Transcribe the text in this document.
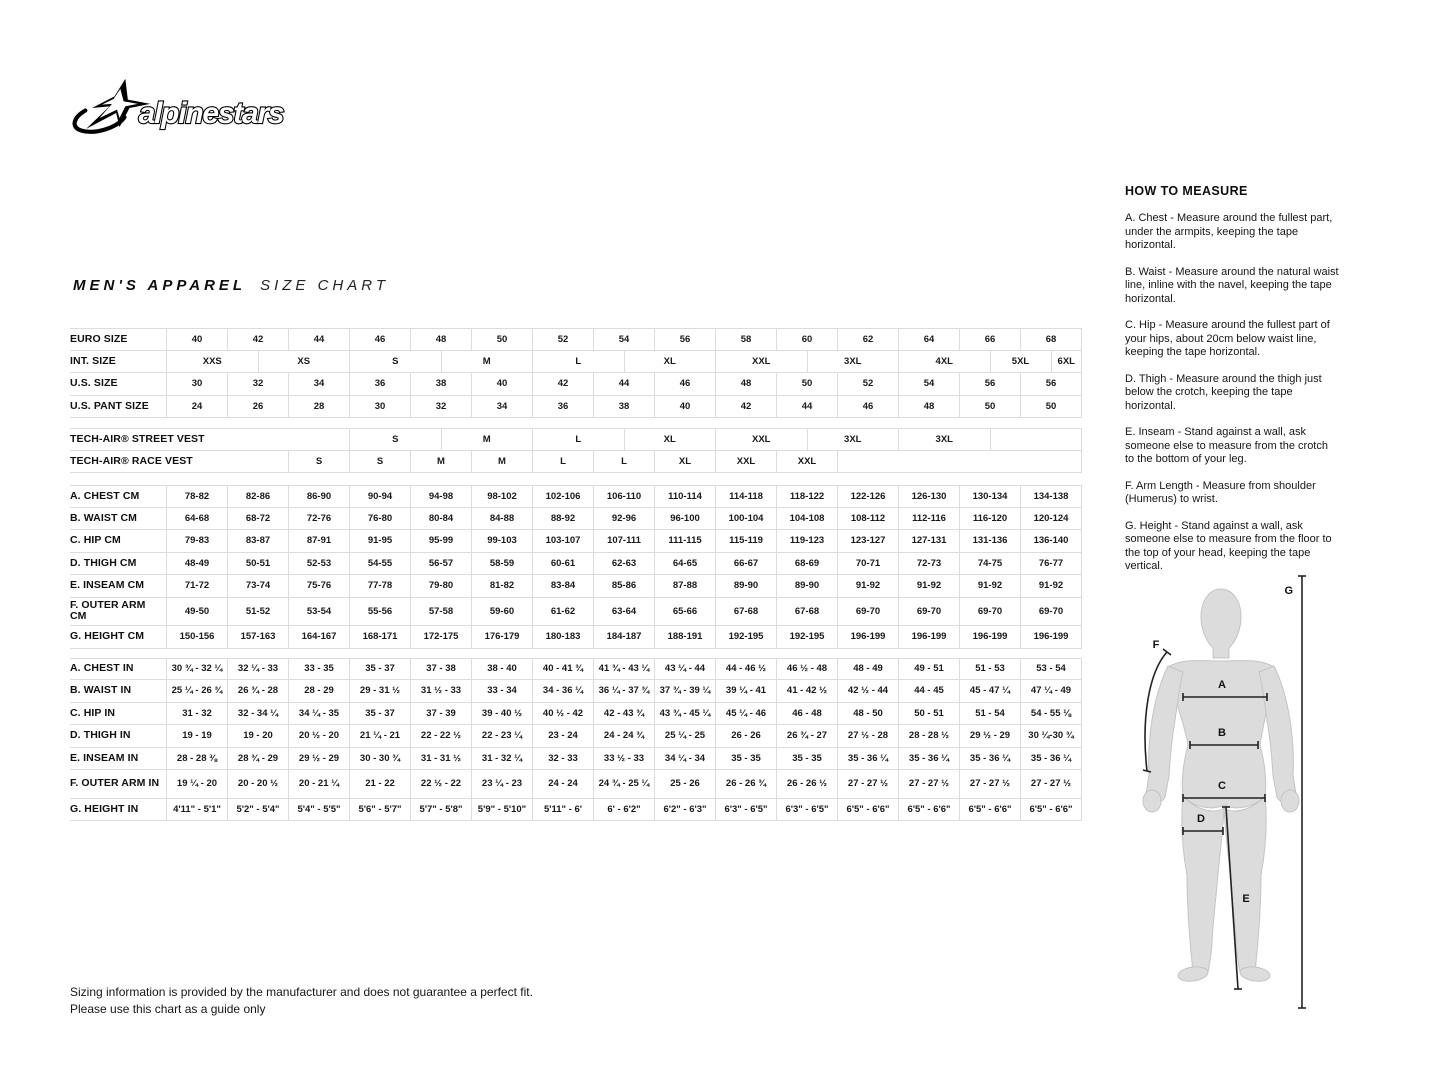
alpinestars
MEN'S APPAREL SIZE CHART
EURO SIZE	40	42	44	46	48	50	52	54	56	58	60	62	64	66	68
INT. SIZE	XXS	XS	S	M	L	XL	XXL	3XL	4XL	5XL	6XL
U.S. SIZE	30	32	34	36	38	40	42	44	46	48	50	52	54	56	56
U.S. PANT SIZE	24	26	28	30	32	34	36	38	40	42	44	46	48	50	50
TECH-AIR® STREET VEST	S	M	L	XL	XXL	3XL	3XL
TECH-AIR® RACE VEST	S	S	M	M	L	L	XL	XXL	XXL
A. CHEST CM	78-82	82-86	86-90	90-94	94-98	98-102	102-106	106-110	110-114	114-118	118-122	122-126	126-130	130-134	134-138
B. WAIST CM	64-68	68-72	72-76	76-80	80-84	84-88	88-92	92-96	96-100	100-104	104-108	108-112	112-116	116-120	120-124
C. HIP CM	79-83	83-87	87-91	91-95	95-99	99-103	103-107	107-111	111-115	115-119	119-123	123-127	127-131	131-136	136-140
D. THIGH CM	48-49	50-51	52-53	54-55	56-57	58-59	60-61	62-63	64-65	66-67	68-69	70-71	72-73	74-75	76-77
E. INSEAM CM	71-72	73-74	75-76	77-78	79-80	81-82	83-84	85-86	87-88	89-90	89-90	91-92	91-92	91-92	91-92
F. OUTER ARM CM	49-50	51-52	53-54	55-56	57-58	59-60	61-62	63-64	65-66	67-68	67-68	69-70	69-70	69-70	69-70
G. HEIGHT CM	150-156	157-163	164-167	168-171	172-175	176-179	180-183	184-187	188-191	192-195	192-195	196-199	196-199	196-199	196-199
A. CHEST IN	30 ¾ - 32 ¼	32 ¼ - 33	33 - 35	35 - 37	37 - 38	38 - 40	40 - 41 ¾	41 ¾ - 43 ¼	43 ¼ - 44	44 - 46 ½	46 ½ - 48	48 - 49	49 - 51	51 - 53	53 - 54
B. WAIST IN	25 ¼ - 26 ¾	26 ¾ - 28	28 - 29	29 - 31 ½	31 ½ - 33	33 - 34	34 - 36 ¼	36 ¼ - 37 ¾	37 ¾ - 39 ¼	39 ¼ - 41	41 - 42 ½	42 ½ - 44	44 - 45	45 - 47 ¼	47 ¼ - 49
C. HIP IN	31 - 32	32 - 34 ¼	34 ¼ - 35	35 - 37	37 - 39	39 - 40 ½	40 ½ - 42	42 - 43 ¾	43 ¾ - 45 ¼	45 ¼ - 46	46 - 48	48 - 50	50 - 51	51 - 54	54 - 55 ⅛
D. THIGH IN	19 - 19	19 - 20	20 ½ - 20	21 ¼ - 21	22 - 22 ½	22 - 23 ¼	23 - 24	24 - 24 ¾	25 ¼ - 25	26 - 26	26 ¾ - 27	27 ½ - 28	28 - 28 ½	29 ½ - 29	30 ¼-30 ¾
E. INSEAM IN	28 - 28 ⅜	28 ¾ - 29	29 ½ - 29	30 - 30 ¾	31 - 31 ½	31 - 32 ¼	32 - 33	33 ½ - 33	34 ¼ - 34	35 - 35	35 - 35	35 - 36 ¼	35 - 36 ¼	35 - 36 ¼	35 - 36 ¼
F. OUTER ARM IN	19 ¼ - 20	20 - 20 ½	20 - 21 ¼	21 - 22	22 ½ - 22	23 ¼ - 23	24 - 24	24 ¾ - 25 ¼	25 - 26	26 - 26 ¾	26 - 26 ½	27 - 27 ½	27 - 27 ½	27 - 27 ½	27 - 27 ½
G. HEIGHT IN	4'11" - 5'1"	5'2" - 5'4"	5'4" - 5'5"	5'6" - 5'7"	5'7" - 5'8"	5'9" - 5'10"	5'11" - 6'	6' - 6'2"	6'2" - 6'3"	6'3" - 6'5"	6'3" - 6'5"	6'5" - 6'6"	6'5" - 6'6"	6'5" - 6'6"	6'5" - 6'6"
HOW TO MEASURE

A. Chest - Measure around the fullest part, under the armpits, keeping the tape horizontal.

B. Waist - Measure around the natural waist line, inline with the navel, keeping the tape horizontal.

C. Hip - Measure around the fullest part of your hips, about 20cm below waist line, keeping the tape horizontal.

D. Thigh - Measure around the thigh just below the crotch, keeping the tape horizontal.

E. Inseam - Stand against a wall, ask someone else to measure from the crotch to the bottom of your leg.

F. Arm Length - Measure from shoulder (Humerus) to wrist.

G. Height - Stand against a wall, ask someone else to measure from the floor to the top of your head, keeping the tape vertical.

A
B
C
D
E
F
G
Sizing information is provided by the manufacturer and does not guarantee a perfect fit.
Please use this chart as a guide only
